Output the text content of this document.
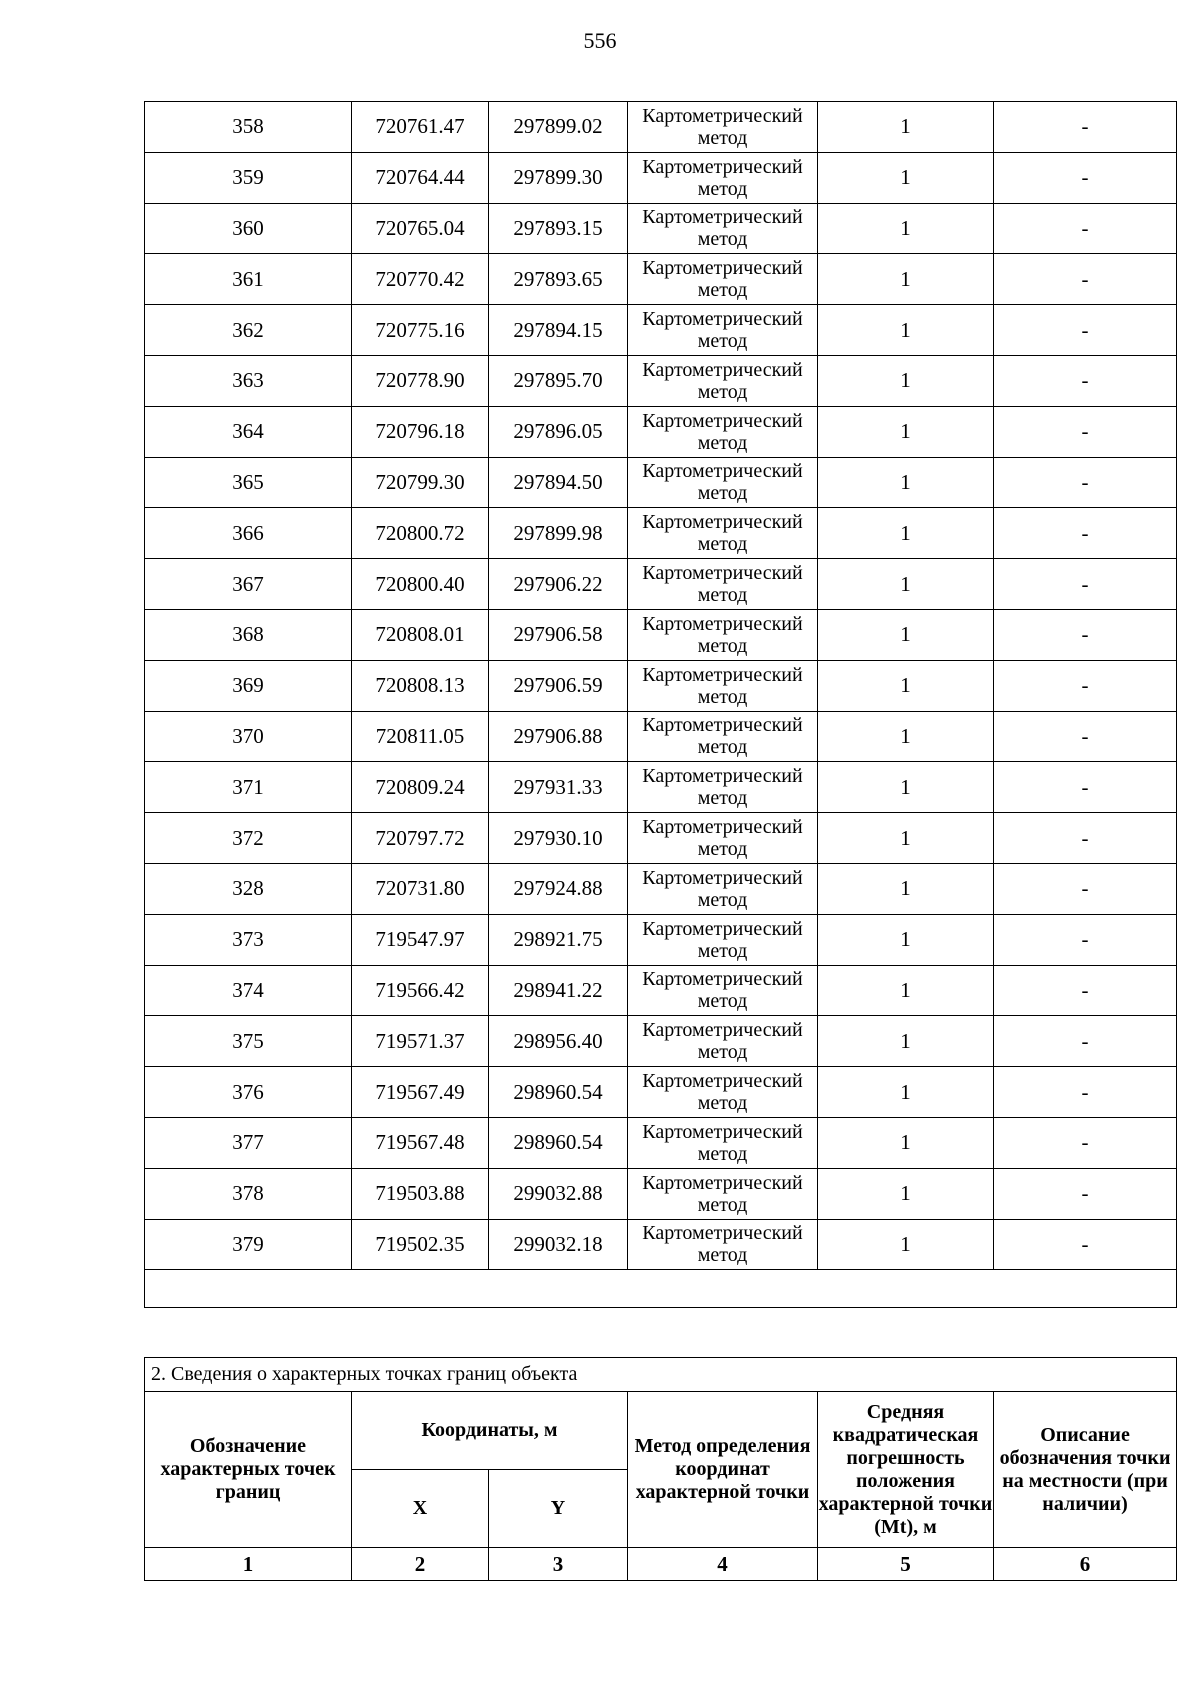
556
358	720761.47	297899.02	Картометрический метод	1	-
359	720764.44	297899.30	Картометрический метод	1	-
360	720765.04	297893.15	Картометрический метод	1	-
361	720770.42	297893.65	Картометрический метод	1	-
362	720775.16	297894.15	Картометрический метод	1	-
363	720778.90	297895.70	Картометрический метод	1	-
364	720796.18	297896.05	Картометрический метод	1	-
365	720799.30	297894.50	Картометрический метод	1	-
366	720800.72	297899.98	Картометрический метод	1	-
367	720800.40	297906.22	Картометрический метод	1	-
368	720808.01	297906.58	Картометрический метод	1	-
369	720808.13	297906.59	Картометрический метод	1	-
370	720811.05	297906.88	Картометрический метод	1	-
371	720809.24	297931.33	Картометрический метод	1	-
372	720797.72	297930.10	Картометрический метод	1	-
328	720731.80	297924.88	Картометрический метод	1	-
373	719547.97	298921.75	Картометрический метод	1	-
374	719566.42	298941.22	Картометрический метод	1	-
375	719571.37	298956.40	Картометрический метод	1	-
376	719567.49	298960.54	Картометрический метод	1	-
377	719567.48	298960.54	Картометрический метод	1	-
378	719503.88	299032.88	Картометрический метод	1	-
379	719502.35	299032.18	Картометрический метод	1	-

2. Сведения о характерных точках границ объекта					
Обозначение характерных точек границ	Координаты, м		Метод определения координат характерной точки	Средняя квадратическая погрешность положения характерной точки (Mt), м	Описание обозначения точки на местности (при наличии)
	X	Y			
1	2	3	4	5	6
